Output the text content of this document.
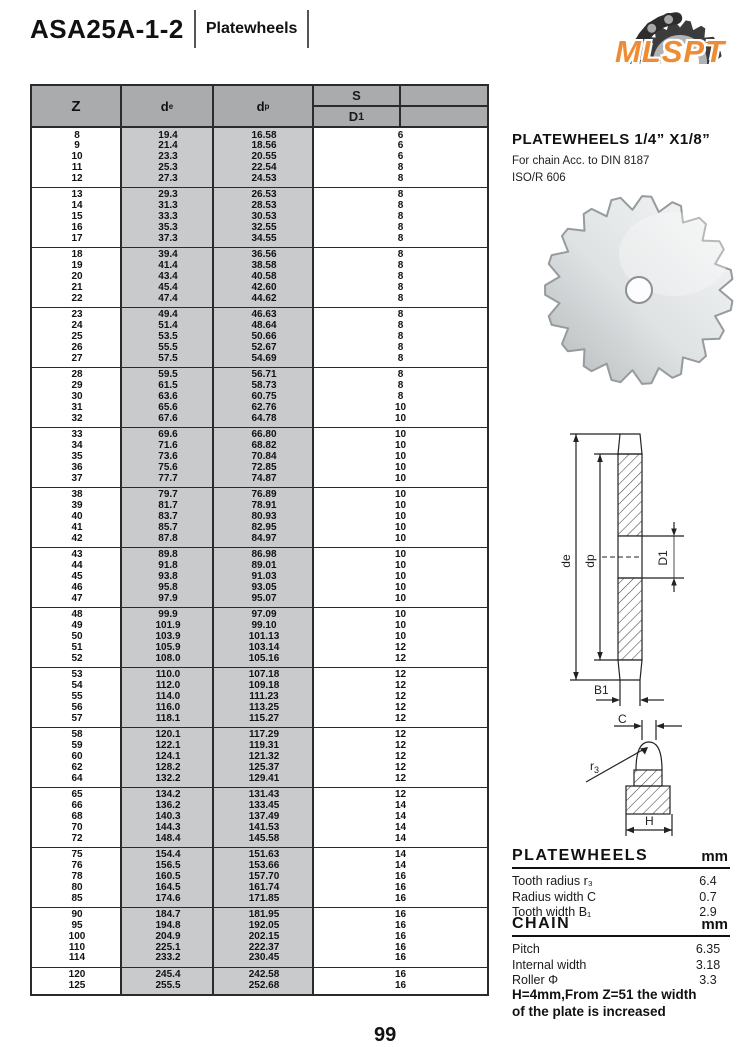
ASA25A-1-2 Platewheels
MLSPT
Z	d e	d p
S
D 1
8	19.4	16.58	6
9	21.4	18.56	6
10	23.3	20.55	6
11	25.3	22.54	8
12	27.3	24.53	8
13	29.3	26.53	8
14	31.3	28.53	8
15	33.3	30.53	8
16	35.3	32.55	8
17	37.3	34.55	8
18	39.4	36.56	8
19	41.4	38.58	8
20	43.4	40.58	8
21	45.4	42.60	8
22	47.4	44.62	8
23	49.4	46.63	8
24	51.4	48.64	8
25	53.5	50.66	8
26	55.5	52.67	8
27	57.5	54.69	8
28	59.5	56.71	8
29	61.5	58.73	8
30	63.6	60.75	8
31	65.6	62.76	10
32	67.6	64.78	10
33	69.6	66.80	10
34	71.6	68.82	10
35	73.6	70.84	10
36	75.6	72.85	10
37	77.7	74.87	10
38	79.7	76.89	10
39	81.7	78.91	10
40	83.7	80.93	10
41	85.7	82.95	10
42	87.8	84.97	10
43	89.8	86.98	10
44	91.8	89.01	10
45	93.8	91.03	10
46	95.8	93.05	10
47	97.9	95.07	10
48	99.9	97.09	10
49	101.9	99.10	10
50	103.9	101.13	10
51	105.9	103.14	12
52	108.0	105.16	12
53	110.0	107.18	12
54	112.0	109.18	12
55	114.0	111.23	12
56	116.0	113.25	12
57	118.1	115.27	12
58	120.1	117.29	12
59	122.1	119.31	12
60	124.1	121.32	12
62	128.2	125.37	12
64	132.2	129.41	12
65	134.2	131.43	12
66	136.2	133.45	14
68	140.3	137.49	14
70	144.3	141.53	14
72	148.4	145.58	14
75	154.4	151.63	14
76	156.5	153.66	14
78	160.5	157.70	16
80	164.5	161.74	16
85	174.6	171.85	16
90	184.7	181.95	16
95	194.8	192.05	16
100	204.9	202.15	16
110	225.1	222.37	16
114	233.2	230.45	16
120	245.4	242.58	16
125	255.5	252.68	16
PLATEWHEELS 1/4” X1/8”
For chain Acc. to DIN 8187
ISO/R 606
de dp	D1
B1
C
$r_3$
H
PLATEWHEELS	mm
Tooth radius r₃	6.4
Radius width C	0.7
Tooth width B₁	2.9
CHAIN	mm
Pitch	6.35
Internal width	3.18
Roller Φ	3.3
H=4mm,From Z=51 the width
of the plate is increased
99
